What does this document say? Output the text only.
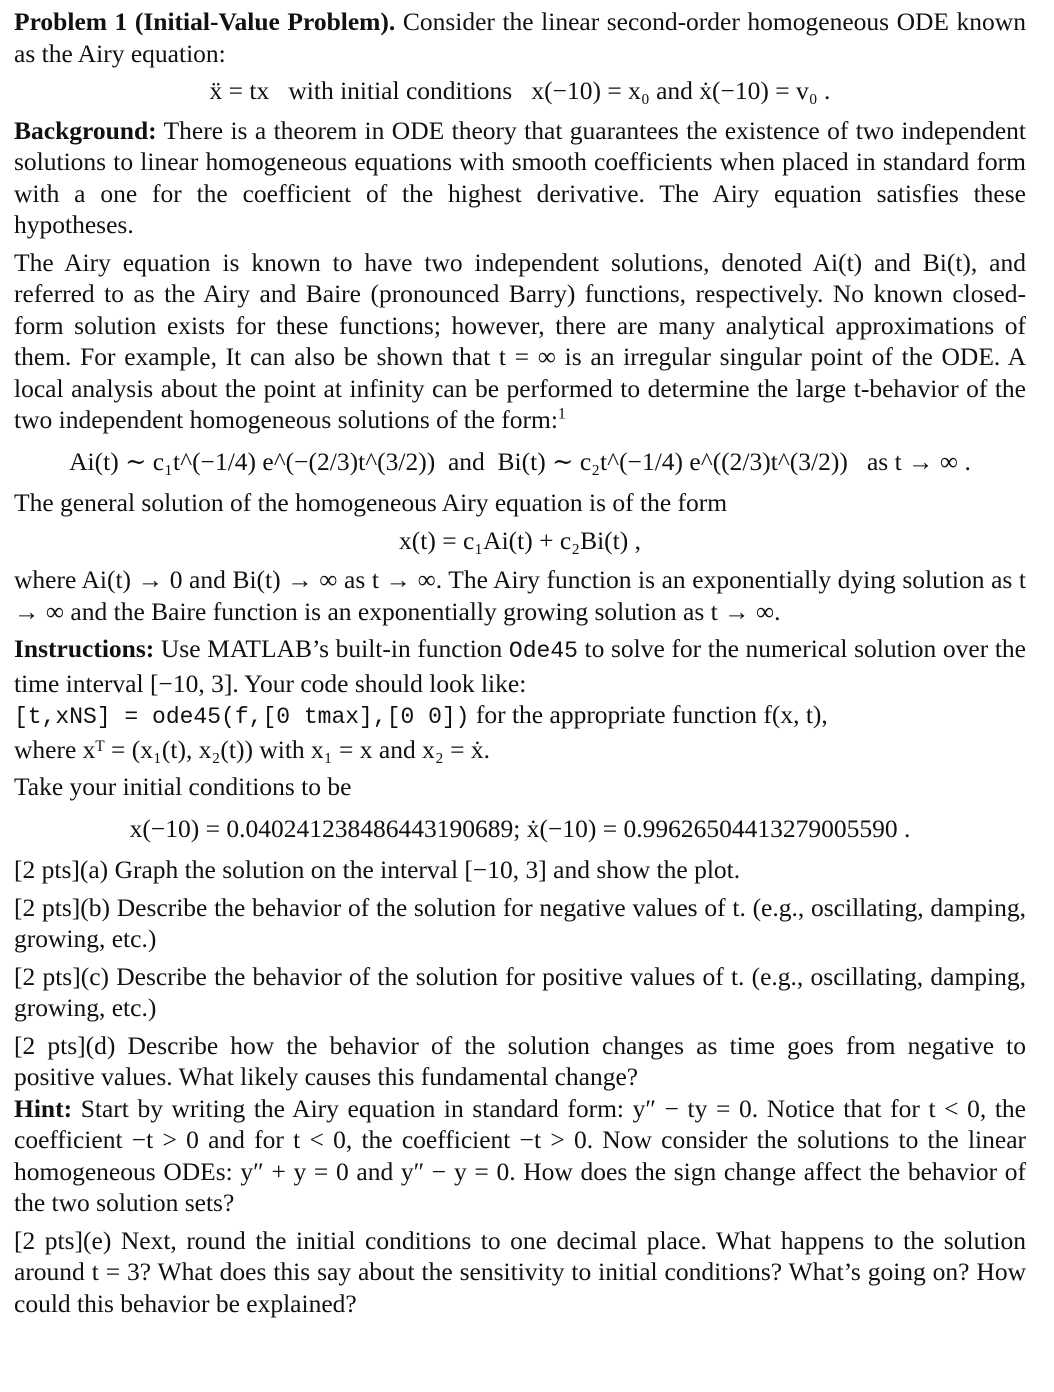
Problem 1 (Initial-Value Problem). Consider the linear second-order homogeneous ODE known as the Airy equation:

ẍ = tx   with initial conditions   x(−10) = x₀ and ẋ(−10) = v₀ .

Background: There is a theorem in ODE theory that guarantees the existence of two independent solutions to linear homogeneous equations with smooth coefficients when placed in standard form with a one for the coefficient of the highest derivative. The Airy equation satisfies these hypotheses.

The Airy equation is known to have two independent solutions, denoted Ai(t) and Bi(t), and referred to as the Airy and Baire (pronounced Barry) functions, respectively. No known closed-form solution exists for these functions; however, there are many analytical approximations of them. For example, It can also be shown that t = ∞ is an irregular singular point of the ODE. A local analysis about the point at infinity can be performed to determine the large t-behavior of the two independent homogeneous solutions of the form:$^1$

Ai(t) ∼ c₁t^(−1/4) e^(−(2/3)t^(3/2))  and  Bi(t) ∼ c₂t^(−1/4) e^((2/3)t^(3/2))   as t → ∞ .

The general solution of the homogeneous Airy equation is of the form

x(t) = c₁Ai(t) + c₂Bi(t) ,

where Ai(t) → 0 and Bi(t) → ∞ as t → ∞. The Airy function is an exponentially dying solution as t → ∞ and the Baire function is an exponentially growing solution as t → ∞.

Instructions: Use MATLAB’s built-in function Ode45 to solve for the numerical solution over the time interval [−10, 3]. Your code should look like:

[t,xNS] = ode45(f,[0 tmax],[0 0]) for the appropriate function f(x, t),

where xᵀ = (x₁(t), x₂(t)) with x₁ = x and x₂ = ẋ.

Take your initial conditions to be

x(−10) = 0.040241238486443190689; ẋ(−10) = 0.99626504413279005590 .

[2 pts](a) Graph the solution on the interval [−10, 3] and show the plot.

[2 pts](b) Describe the behavior of the solution for negative values of t. (e.g., oscillating, damping, growing, etc.)

[2 pts](c) Describe the behavior of the solution for positive values of t. (e.g., oscillating, damping, growing, etc.)

[2 pts](d) Describe how the behavior of the solution changes as time goes from negative to positive values. What likely causes this fundamental change?

Hint: Start by writing the Airy equation in standard form: y″ − ty = 0. Notice that for t < 0, the coefficient −t > 0 and for t < 0, the coefficient −t > 0. Now consider the solutions to the linear homogeneous ODEs: y″ + y = 0 and y″ − y = 0. How does the sign change affect the behavior of the two solution sets?

[2 pts](e) Next, round the initial conditions to one decimal place. What happens to the solution around t = 3? What does this say about the sensitivity to initial conditions? What’s going on? How could this behavior be explained?
